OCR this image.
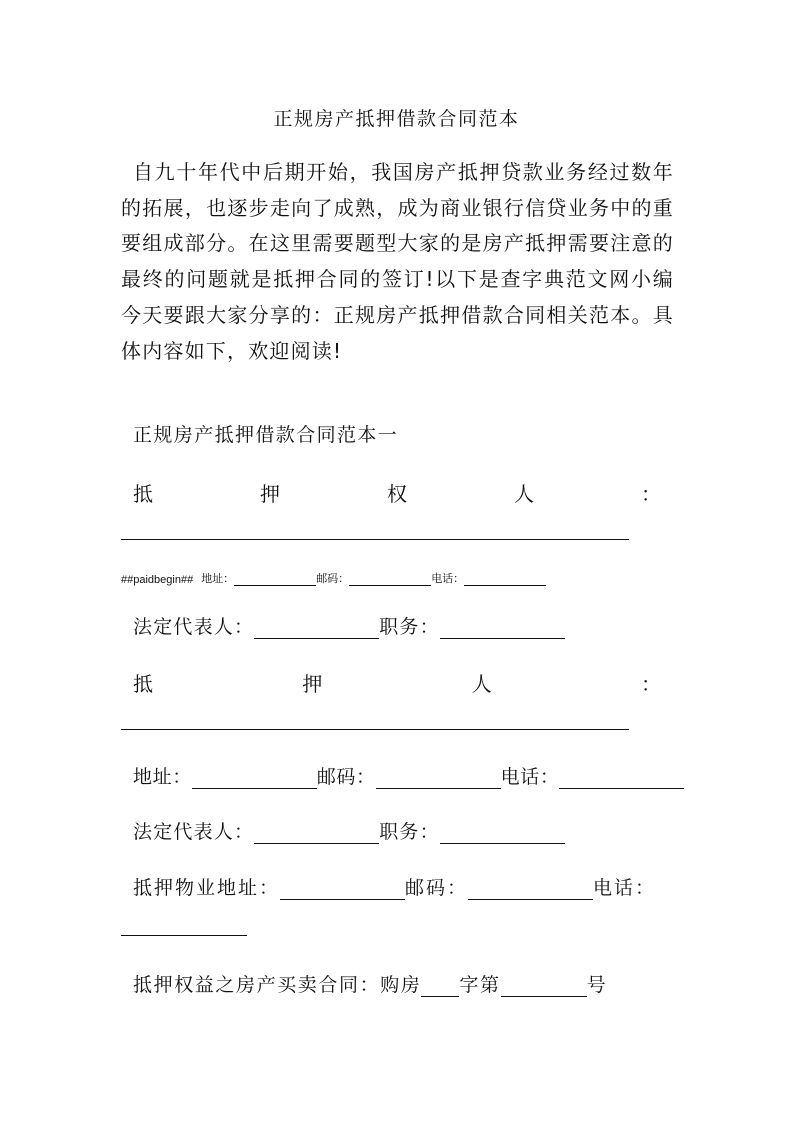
正规房产抵押借款合同范本
自九十年代中后期开始，我国房产抵押贷款业务经过数年的拓展，也逐步走向了成熟，成为商业银行信贷业务中的重要组成部分。在这里需要题型大家的是房产抵押需要注意的最终的问题就是抵押合同的签订!以下是查字典范文网小编今天要跟大家分享的：正规房产抵押借款合同相关范本。具体内容如下，欢迎阅读!
正规房产抵押借款合同范本一
抵	押	权	人	：
##paidbegin## 地址：	邮码：	电话：
法定代表人：	职务：
抵	押	人	：
地址：	邮码：	电话：
法定代表人：	职务：
抵押物业地址：	邮码：	电话：
抵押权益之房产买卖合同：购房 字第	号
